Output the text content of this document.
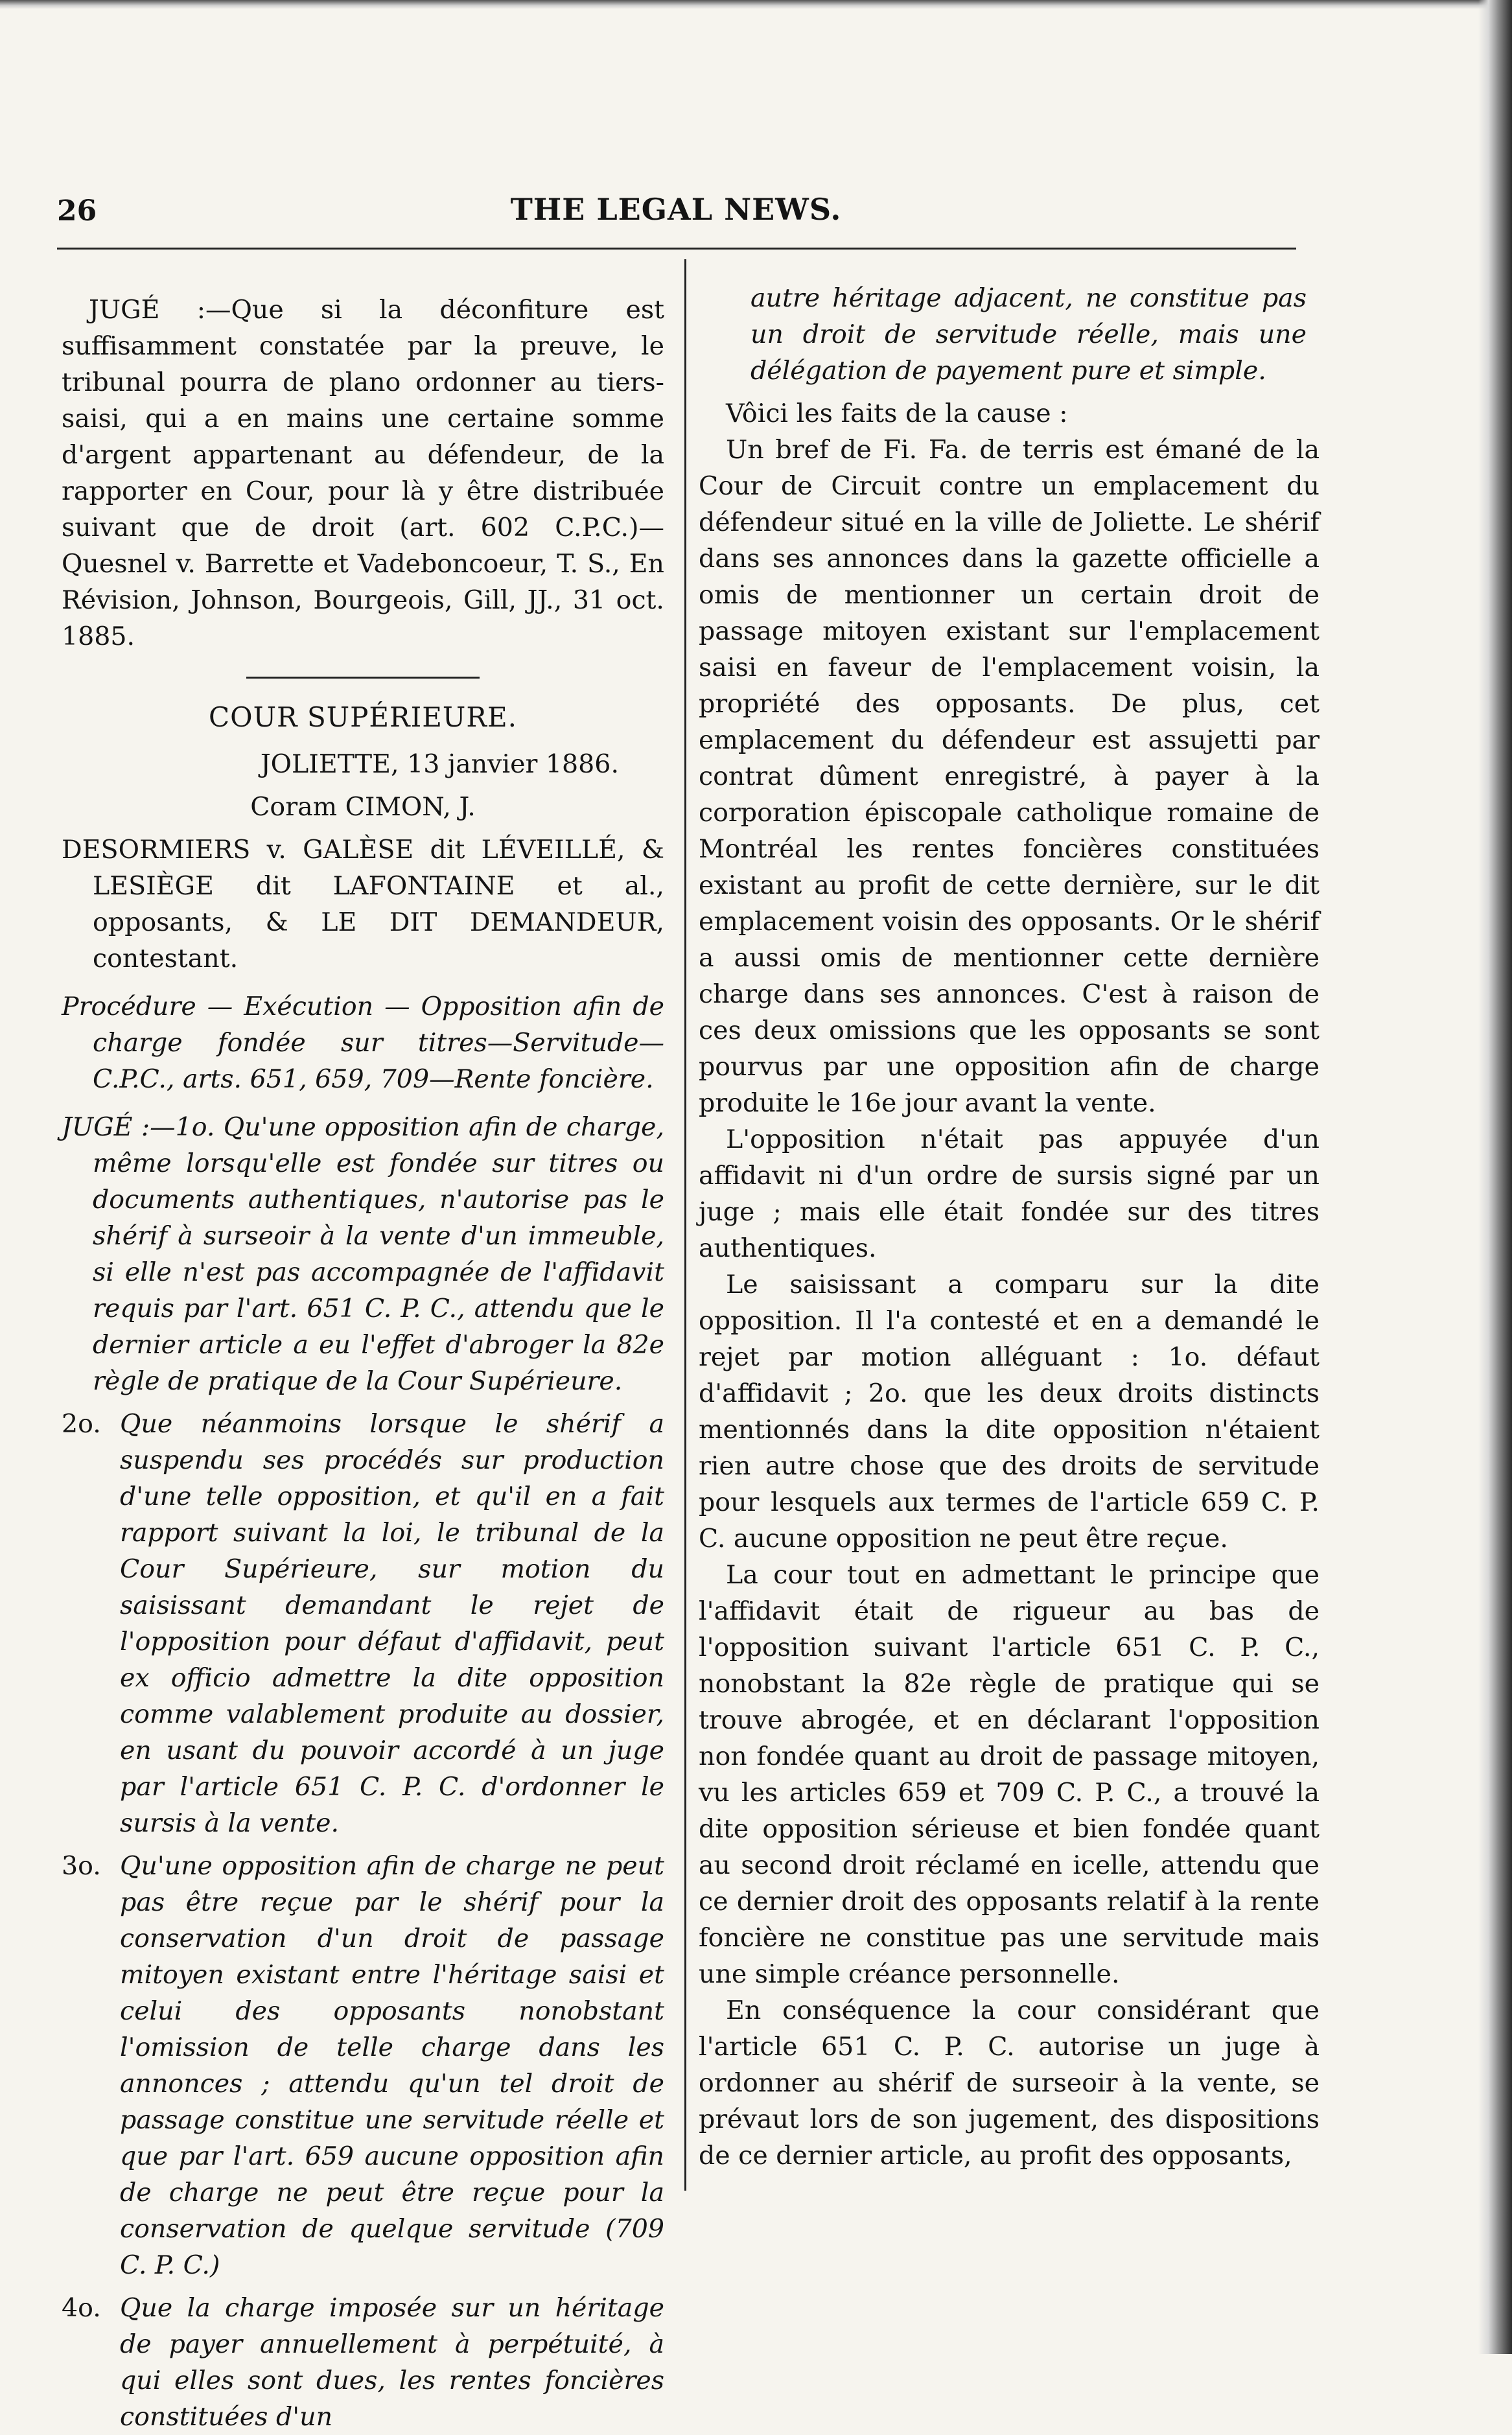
26	THE LEGAL NEWS.

JUGÉ :—Que si la déconfiture est suffisamment constatée par la preuve, le tribunal pourra de plano ordonner au tiers-saisi, qui a en mains une certaine somme d'argent appartenant au défendeur, de la rapporter en Cour, pour là y être distribuée suivant que de droit (art. 602 C.P.C.)— Quesnel v. Barrette et Vadeboncoeur, T. S., En Révision, Johnson, Bourgeois, Gill, JJ., 31 oct. 1885.

COUR SUPÉRIEURE.

JOLIETTE, 13 janvier 1886.

Coram CIMON, J.

DESORMIERS v. GALÈSE dit LÉVEILLÉ, & LESIÈGE dit LAFONTAINE et al., opposants, & LE DIT DEMANDEUR, contestant.

Procédure — Exécution — Opposition afin de charge fondée sur titres—Servitude—C.P.C., arts. 651, 659, 709—Rente foncière.

JUGÉ :—1o. Qu'une opposition afin de charge, même lorsqu'elle est fondée sur titres ou documents authentiques, n'autorise pas le shérif à surseoir à la vente d'un immeuble, si elle n'est pas accompagnée de l'affidavit requis par l'art. 651 C. P. C., attendu que le dernier article a eu l'effet d'abroger la 82e règle de pratique de la Cour Supérieure.

2o. Que néanmoins lorsque le shérif a suspendu ses procédés sur production d'une telle opposition, et qu'il en a fait rapport suivant la loi, le tribunal de la Cour Supérieure, sur motion du saisissant demandant le rejet de l'opposition pour défaut d'affidavit, peut ex officio admettre la dite opposition comme valablement produite au dossier, en usant du pouvoir accordé à un juge par l'article 651 C. P. C. d'ordonner le sursis à la vente.
3o. Qu'une opposition afin de charge ne peut pas être reçue par le shérif pour la conservation d'un droit de passage mitoyen existant entre l'héritage saisi et celui des opposants nonobstant l'omission de telle charge dans les annonces ; attendu qu'un tel droit de passage constitue une servitude réelle et que par l'art. 659 aucune opposition afin de charge ne peut être reçue pour la conservation de quelque servitude (709 C. P. C.)
4o. Que la charge imposée sur un héritage de payer annuellement à perpétuité, à qui elles sont dues, les rentes foncières constituées d'un

autre héritage adjacent, ne constitue pas un droit de servitude réelle, mais une délégation de payement pure et simple.

Vôici les faits de la cause :

Un bref de Fi. Fa. de terris est émané de la Cour de Circuit contre un emplacement du défendeur situé en la ville de Joliette. Le shérif dans ses annonces dans la gazette officielle a omis de mentionner un certain droit de passage mitoyen existant sur l'emplacement saisi en faveur de l'emplacement voisin, la propriété des opposants. De plus, cet emplacement du défendeur est assujetti par contrat dûment enregistré, à payer à la corporation épiscopale catholique romaine de Montréal les rentes foncières constituées existant au profit de cette dernière, sur le dit emplacement voisin des opposants. Or le shérif a aussi omis de mentionner cette dernière charge dans ses annonces. C'est à raison de ces deux omissions que les opposants se sont pourvus par une opposition afin de charge produite le 16e jour avant la vente.

L'opposition n'était pas appuyée d'un affidavit ni d'un ordre de sursis signé par un juge ; mais elle était fondée sur des titres authentiques.

Le saisissant a comparu sur la dite opposition. Il l'a contesté et en a demandé le rejet par motion alléguant : 1o. défaut d'affidavit ; 2o. que les deux droits distincts mentionnés dans la dite opposition n'étaient rien autre chose que des droits de servitude pour lesquels aux termes de l'article 659 C. P. C. aucune opposition ne peut être reçue.

La cour tout en admettant le principe que l'affidavit était de rigueur au bas de l'opposition suivant l'article 651 C. P. C., nonobstant la 82e règle de pratique qui se trouve abrogée, et en déclarant l'opposition non fondée quant au droit de passage mitoyen, vu les articles 659 et 709 C. P. C., a trouvé la dite opposition sérieuse et bien fondée quant au second droit réclamé en icelle, attendu que ce dernier droit des opposants relatif à la rente foncière ne constitue pas une servitude mais une simple créance personnelle.

En conséquence la cour considérant que l'article 651 C. P. C. autorise un juge à ordonner au shérif de surseoir à la vente, se prévaut lors de son jugement, des dispositions de ce dernier article, au profit des opposants,
